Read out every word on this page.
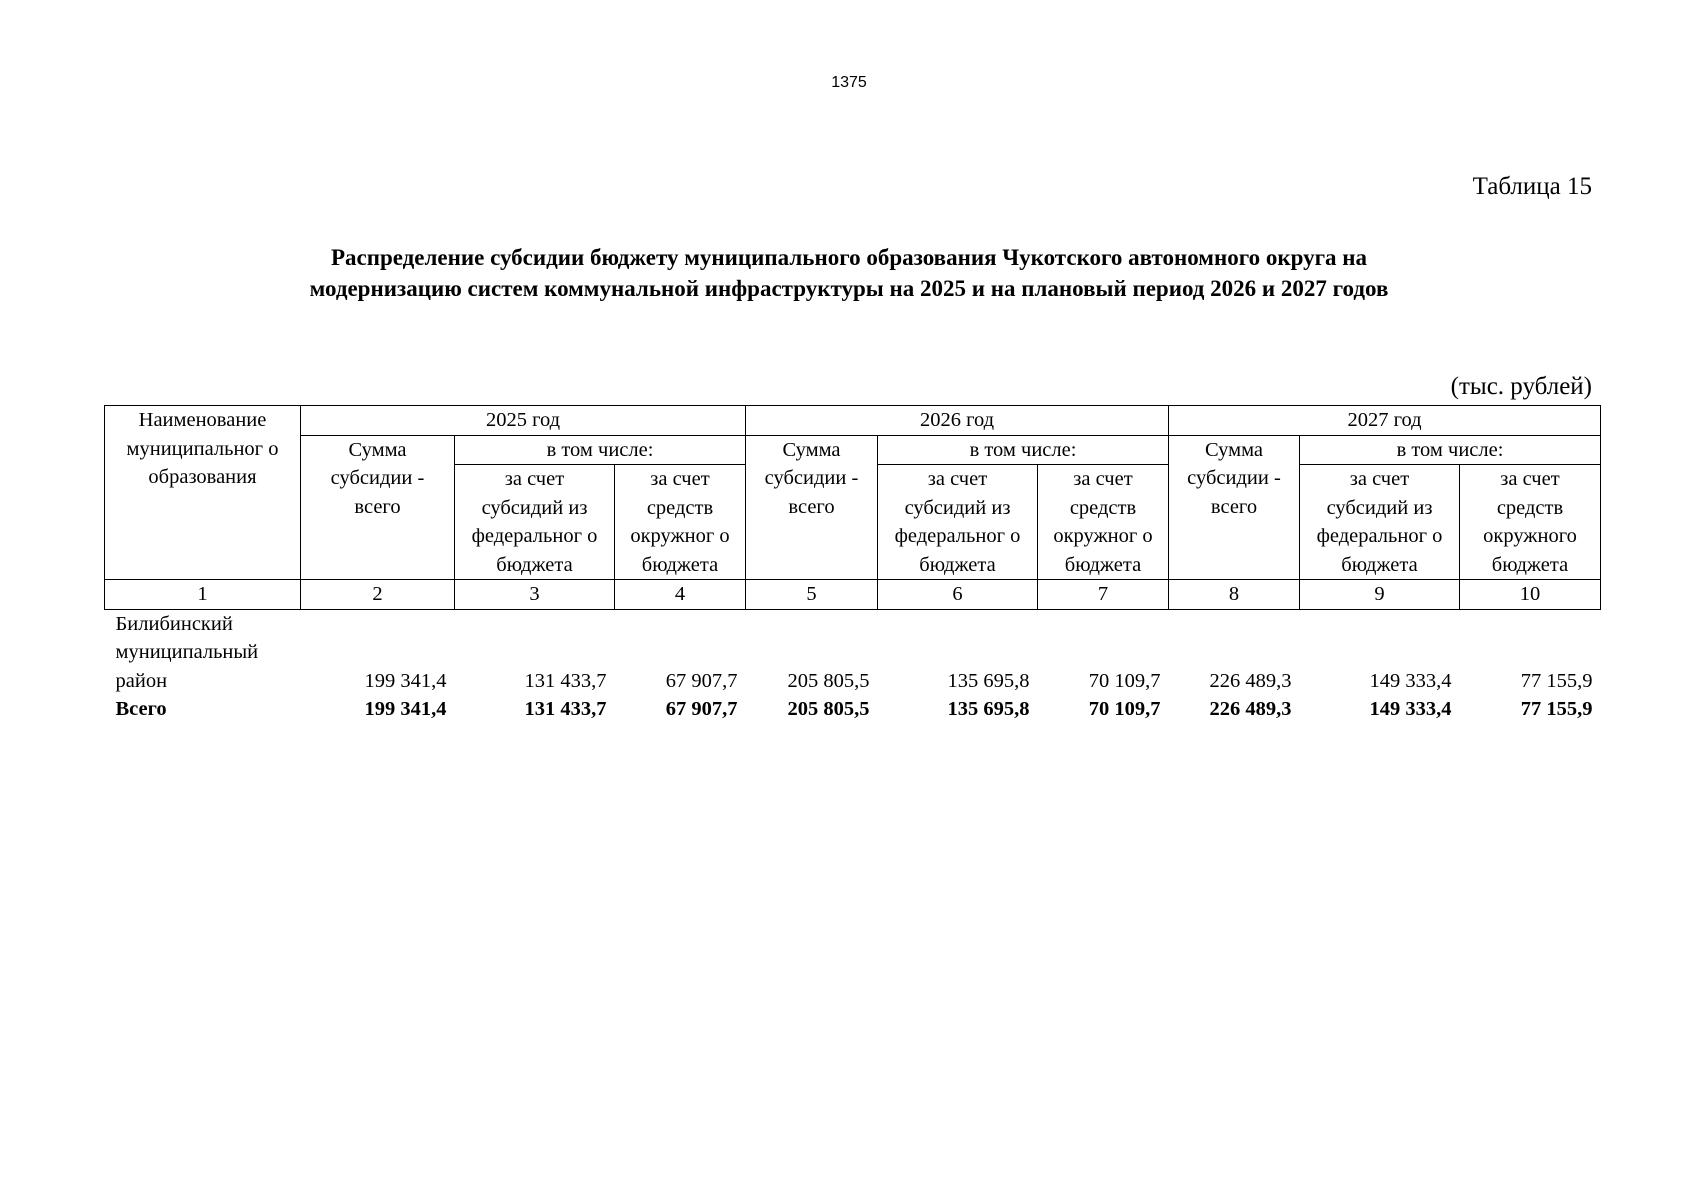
1375
Таблица 15
Распределение субсидии бюджету муниципального образования Чукотского автономного округа на
модернизацию систем коммунальной инфраструктуры на 2025 и на плановый период 2026 и 2027 годов
(тыс. рублей)
Наименование муниципальног о образования	2025 год			2026 год			2027 год		
	Сумма субсидии - всего	в том числе:		Сумма субсидии - всего	в том числе:		Сумма субсидии - всего	в том числе:	
		за счет субсидий из федеральног о бюджета	за счет средств окружног о бюджета		за счет субсидий из федеральног о бюджета	за счет средств окружног о бюджета		за счет субсидий из федеральног о бюджета	за счет средств окружного бюджета
1	2	3	4	5	6	7	8	9	10
Билибинский муниципальный район	199 341,4	131 433,7	67 907,7	205 805,5	135 695,8	70 109,7	226 489,3	149 333,4	77 155,9
Всего	199 341,4	131 433,7	67 907,7	205 805,5	135 695,8	70 109,7	226 489,3	149 333,4	77 155,9
